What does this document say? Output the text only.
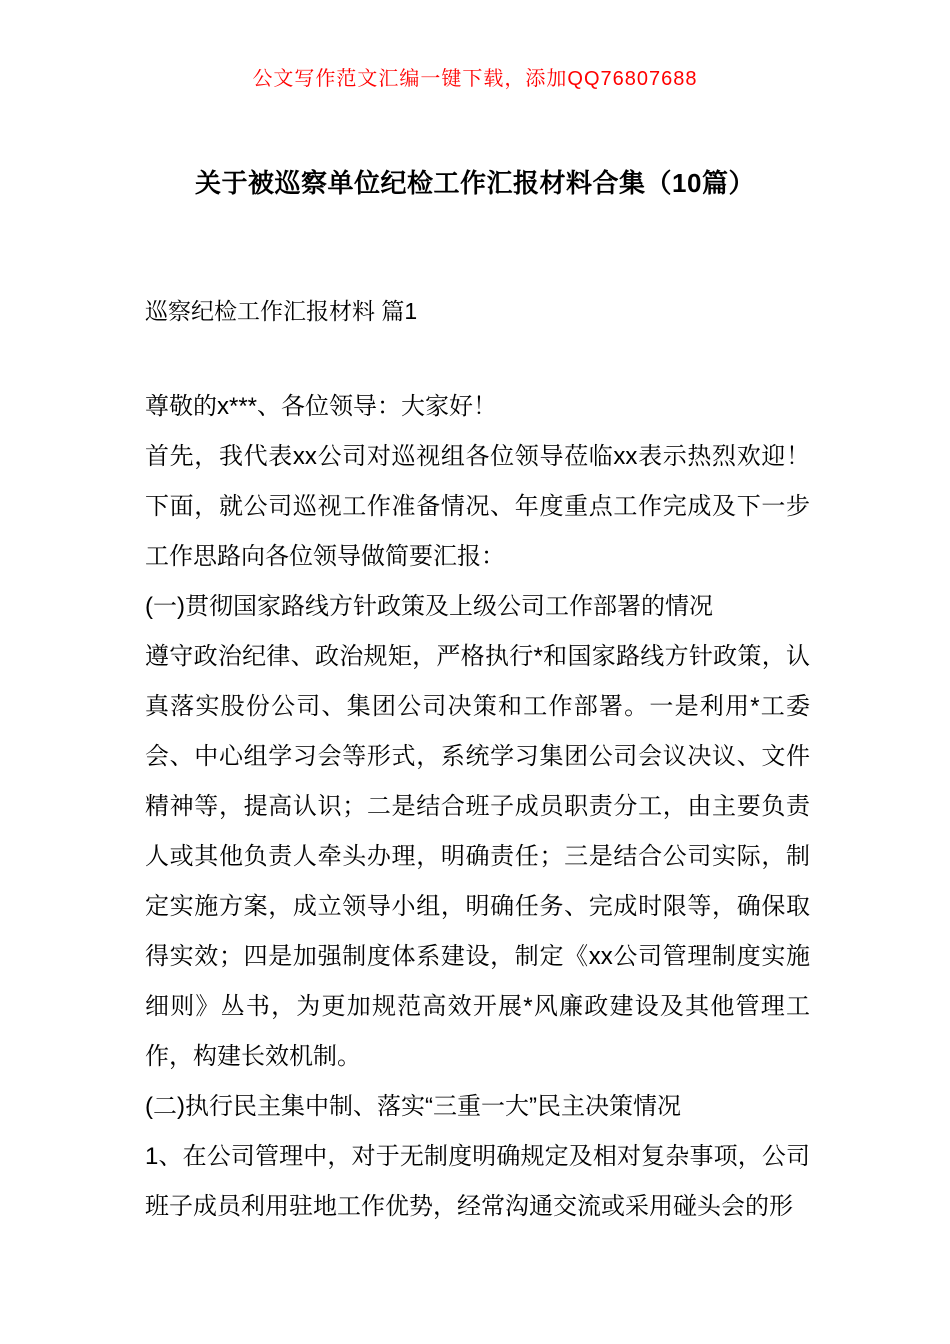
公文写作范文汇编一键下载，添加QQ76807688
关于被巡察单位纪检工作汇报材料合集（10篇）

巡察纪检工作汇报材料 篇1

尊敬的x***、各位领导：大家好！

首先，我代表xx公司对巡视组各位领导莅临xx表示热烈欢迎！下面，就公司巡视工作准备情况、年度重点工作完成及下一步工作思路向各位领导做简要汇报：

(一)贯彻国家路线方针政策及上级公司工作部署的情况

遵守政治纪律、政治规矩，严格执行*和国家路线方针政策，认真落实股份公司、集团公司决策和工作部署。一是利用*工委会、中心组学习会等形式，系统学习集团公司会议决议、文件精神等，提高认识；二是结合班子成员职责分工，由主要负责人或其他负责人牵头办理，明确责任；三是结合公司实际，制定实施方案，成立领导小组，明确任务、完成时限等，确保取得实效；四是加强制度体系建设，制定《xx公司管理制度实施细则》丛书，为更加规范高效开展*风廉政建设及其他管理工作，构建长效机制。

(二)执行民主集中制、落实“三重一大”民主决策情况

1、在公司管理中，对于无制度明确规定及相对复杂事项，公司班子成员利用驻地工作优势，经常沟通交流或采用碰头会的形
